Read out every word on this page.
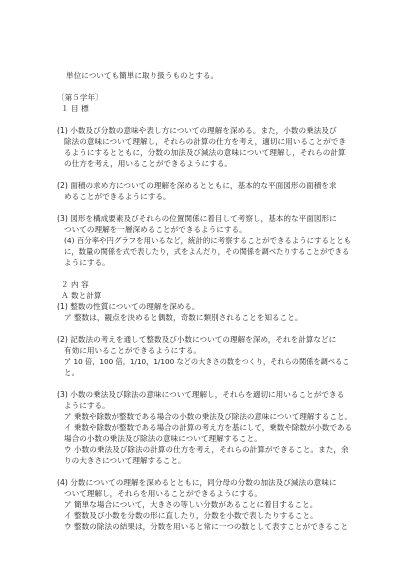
単位についても簡単に取り扱うものとする。
〔第５学年〕
１ 目 標
(1) 小数及び分数の意味や表し方についての理解を深める。また，小数の乗法及び
除法の意味について理解し，それらの計算の仕方を考え，適切に用いることができ
るようにするとともに，分数の加法及び減法の意味について理解し，それらの計算
の仕方を考え，用いることができるようにする。
(2) 面積の求め方についての理解を深めるとともに，基本的な平面図形の面積を求
めることができるようにする。
(3) 図形を構成要素及びそれらの位置関係に着目して考察し，基本的な平面図形に
ついての理解を一層深めることができるようにする。
(4) 百分率や円グラフを用いるなど，統計的に考察することができるようにするととも
に，数量の関係を式で表したり，式をよんだり，その関係を調べたりすることができる
ようにする。
２ 内 容
Ａ 数と計算
(1) 整数の性質についての理解を深める。
ア 整数は，観点を決めると偶数，奇数に類別されることを知ること。
(2) 記数法の考えを通して整数及び小数についての理解を深め，それを計算などに
有効に用いることができるようにする。
ア 10 倍，100 倍，1/10，1/100 などの大きさの数をつくり，それらの関係を調べるこ
と。
(3) 小数の乗法及び除法の意味について理解し，それらを適切に用いることができる
ようにする。
ア 乗数や除数が整数である場合の小数の乗法及び除法の意味について理解すること。
イ 乗数や除数が整数である場合の計算の考え方を基にして，乗数や除数が小数である
場合の小数の乗法及び除法の意味について理解すること。
ウ 小数の乗法及び除法の計算の仕方を考え，それらの計算ができること。また，余
りの大きさについて理解すること。
(4) 分数についての理解を深めるとともに，同分母の分数の加法及び減法の意味に
ついて理解し，それらを用いることができるようにする。
ア 簡単な場合について，大きさの等しい分数があることに着目すること。
イ 整数及び小数を分数の形に直したり，分数を小数で表したりすること。
ウ 整数の除法の結果は，分数を用いると常に一つの数として表すことができること
